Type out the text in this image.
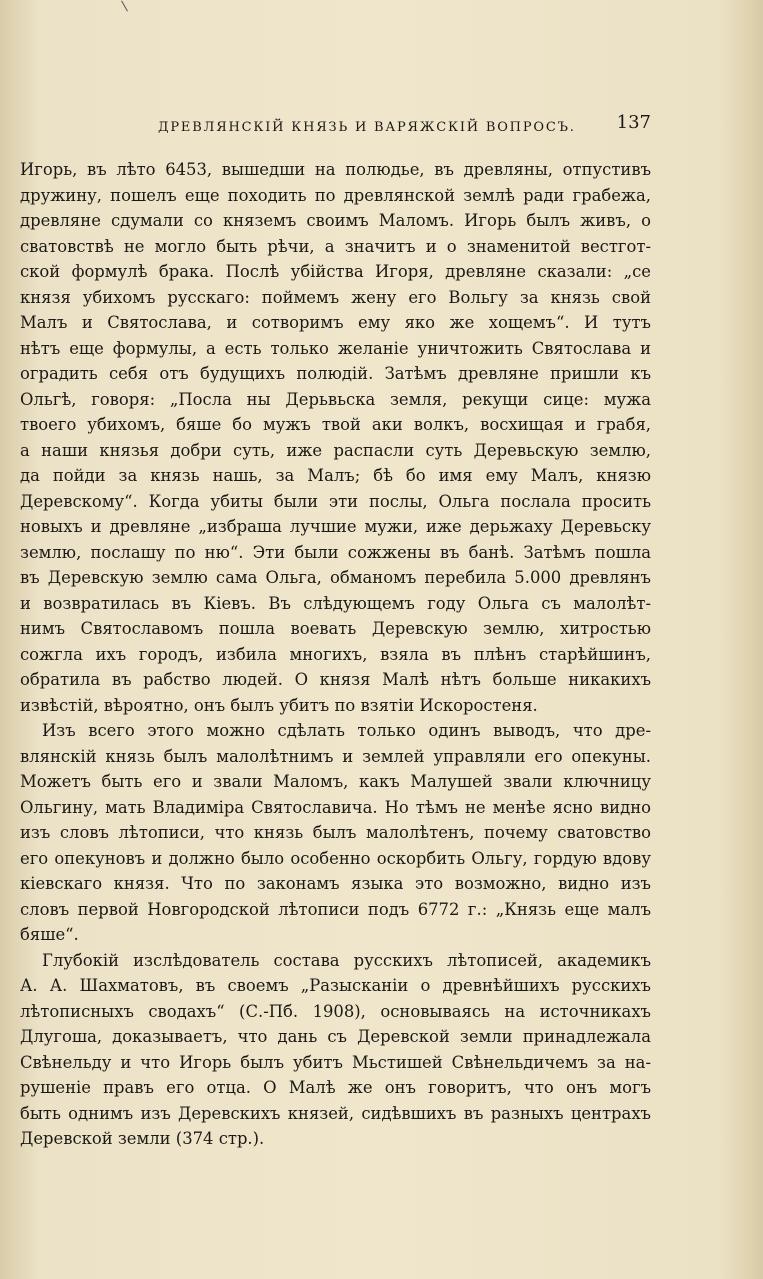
ДРЕВЛЯНСКІЙ КНЯЗЬ И ВАРЯЖСКІЙ ВОПРОСЪ. 137
Игорь, въ лѣто 6453, вышедши на полюдье, въ древляны, отпустивъ
дружину, пошелъ еще походить по древлянской землѣ ради грабежа,
древляне сдумали со княземъ своимъ Маломъ. Игорь былъ живъ, о
сватовствѣ не могло быть рѣчи, а значитъ и о знаменитой вестгот-
ской формулѣ брака. Послѣ убійства Игоря, древляне сказали: „се
князя убихомъ русскаго: поймемъ жену его Вольгу за князь свой
Малъ и Святослава, и сотворимъ ему яко же хощемъ“. И тутъ
нѣтъ еще формулы, а есть только желаніе уничтожить Святослава и
оградить себя отъ будущихъ полюдій. Затѣмъ древляне пришли къ
Ольгѣ, говоря: „Посла ны Дерьвьска земля, рекущи сице: мужа
твоего убихомъ, бяше бо мужъ твой аки волкъ, восхищая и грабя,
а наши князья добри суть, иже распасли суть Деревьскую землю,
да пойди за князь нашь, за Малъ; бѣ бо имя ему Малъ, князю
Деревскому“. Когда убиты были эти послы, Ольга послала просить
новыхъ и древляне „избраша лучшие мужи, иже дерьжаху Деревьску
землю, послашу по ню“. Эти были сожжены въ банѣ. Затѣмъ пошла
въ Деревскую землю сама Ольга, обманомъ перебила 5.000 древлянъ
и возвратилась въ Кіевъ. Въ слѣдующемъ году Ольга съ малолѣт-
нимъ Святославомъ пошла воевать Деревскую землю, хитростью
сожгла ихъ городъ, избила многихъ, взяла въ плѣнъ старѣйшинъ,
обратила въ рабство людей. О князя Малѣ нѣтъ больше никакихъ
извѣстій, вѣроятно, онъ былъ убитъ по взятіи Искоростеня.
Изъ всего этого можно сдѣлать только одинъ выводъ, что дре-
влянскій князь былъ малолѣтнимъ и землей управляли его опекуны.
Можетъ быть его и звали Маломъ, какъ Малушей звали ключницу
Ольгину, мать Владиміра Святославича. Но тѣмъ не менѣе ясно видно
изъ словъ лѣтописи, что князь былъ малолѣтенъ, почему сватовство
его опекуновъ и должно было особенно оскорбить Ольгу, гордую вдову
кіевскаго князя. Что по законамъ языка это возможно, видно изъ
словъ первой Новгородской лѣтописи подъ 6772 г.: „Князь еще малъ
бяше“.
Глубокій изслѣдователь состава русскихъ лѣтописей, академикъ
А. А. Шахматовъ, въ своемъ „Разысканіи о древнѣйшихъ русскихъ
лѣтописныхъ сводахъ“ (С.-Пб. 1908), основываясь на источникахъ
Длугоша, доказываетъ, что дань съ Деревской земли принадлежала
Свѣнельду и что Игорь былъ убитъ Мьстишей Свѣнельдичемъ за на-
рушеніе правъ его отца. О Малѣ же онъ говоритъ, что онъ могъ
быть однимъ изъ Деревскихъ князей, сидѣвшихъ въ разныхъ центрахъ
Деревской земли (374 стр.).
